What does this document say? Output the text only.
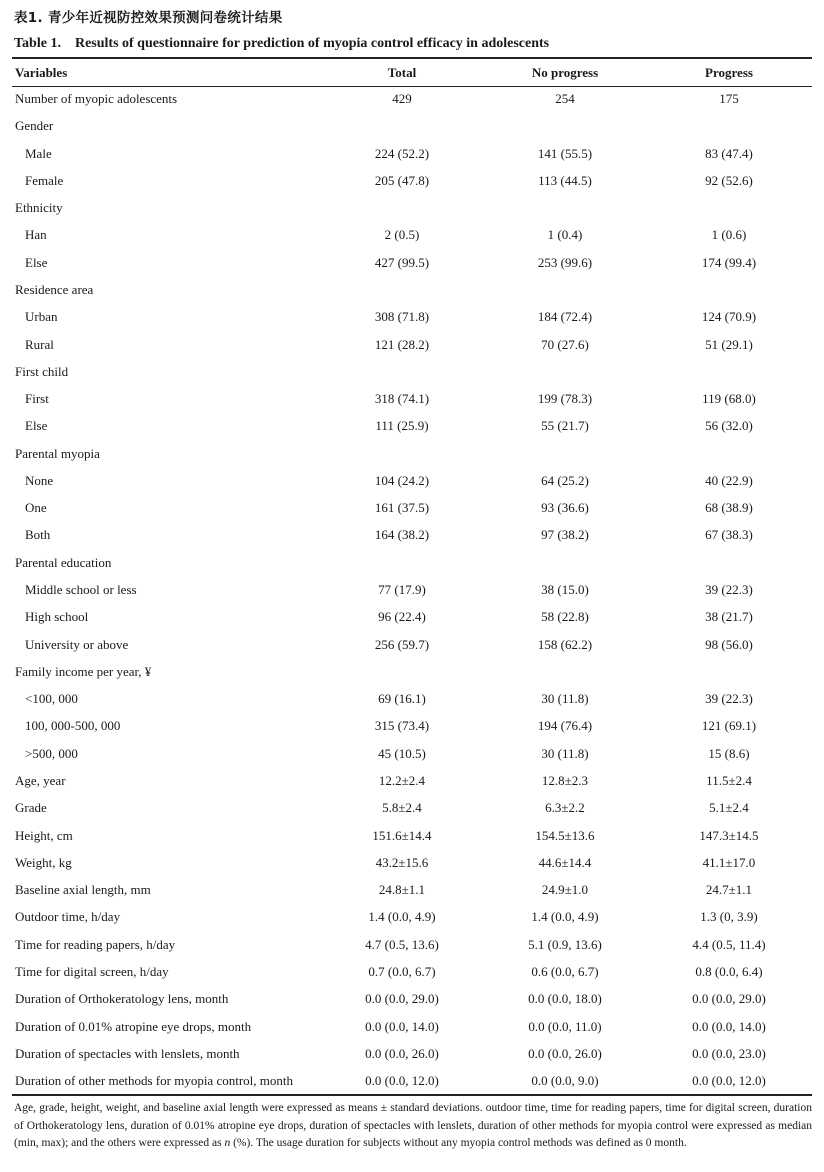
表1. 青少年近视防控效果预测问卷统计结果
Table 1. Results of questionnaire for prediction of myopia control efficacy in adolescents
Variables	Total	No progress	Progress
Number of myopic adolescents	429	254	175
Gender
Male	224 (52.2)	141 (55.5)	83 (47.4)
Female	205 (47.8)	113 (44.5)	92 (52.6)
Ethnicity
Han	2 (0.5)	1 (0.4)	1 (0.6)
Else	427 (99.5)	253 (99.6)	174 (99.4)
Residence area
Urban	308 (71.8)	184 (72.4)	124 (70.9)
Rural	121 (28.2)	70 (27.6)	51 (29.1)
First child
First	318 (74.1)	199 (78.3)	119 (68.0)
Else	111 (25.9)	55 (21.7)	56 (32.0)
Parental myopia
None	104 (24.2)	64 (25.2)	40 (22.9)
One	161 (37.5)	93 (36.6)	68 (38.9)
Both	164 (38.2)	97 (38.2)	67 (38.3)
Parental education
Middle school or less	77 (17.9)	38 (15.0)	39 (22.3)
High school	96 (22.4)	58 (22.8)	38 (21.7)
University or above	256 (59.7)	158 (62.2)	98 (56.0)
Family income per year, ¥
<100, 000	69 (16.1)	30 (11.8)	39 (22.3)
100, 000-500, 000	315 (73.4)	194 (76.4)	121 (69.1)
>500, 000	45 (10.5)	30 (11.8)	15 (8.6)
Age, year	12.2±2.4	12.8±2.3	11.5±2.4
Grade	5.8±2.4	6.3±2.2	5.1±2.4
Height, cm	151.6±14.4	154.5±13.6	147.3±14.5
Weight, kg	43.2±15.6	44.6±14.4	41.1±17.0
Baseline axial length, mm	24.8±1.1	24.9±1.0	24.7±1.1
Outdoor time, h/day	1.4 (0.0, 4.9)	1.4 (0.0, 4.9)	1.3 (0, 3.9)
Time for reading papers, h/day	4.7 (0.5, 13.6)	5.1 (0.9, 13.6)	4.4 (0.5, 11.4)
Time for digital screen, h/day	0.7 (0.0, 6.7)	0.6 (0.0, 6.7)	0.8 (0.0, 6.4)
Duration of Orthokeratology lens, month	0.0 (0.0, 29.0)	0.0 (0.0, 18.0)	0.0 (0.0, 29.0)
Duration of 0.01% atropine eye drops, month	0.0 (0.0, 14.0)	0.0 (0.0, 11.0)	0.0 (0.0, 14.0)
Duration of spectacles with lenslets, month	0.0 (0.0, 26.0)	0.0 (0.0, 26.0)	0.0 (0.0, 23.0)
Duration of other methods for myopia control, month	0.0 (0.0, 12.0)	0.0 (0.0, 9.0)	0.0 (0.0, 12.0)
Age, grade, height, weight, and baseline axial length were expressed as means ± standard deviations. outdoor time, time for reading papers, time for digital screen, duration of Orthokeratology lens, duration of 0.01% atropine eye drops, duration of spectacles with lenslets, duration of other methods for myopia control were expressed as median (min, max); and the others were expressed as n (%). The usage duration for subjects without any myopia control methods was defined as 0 month.
